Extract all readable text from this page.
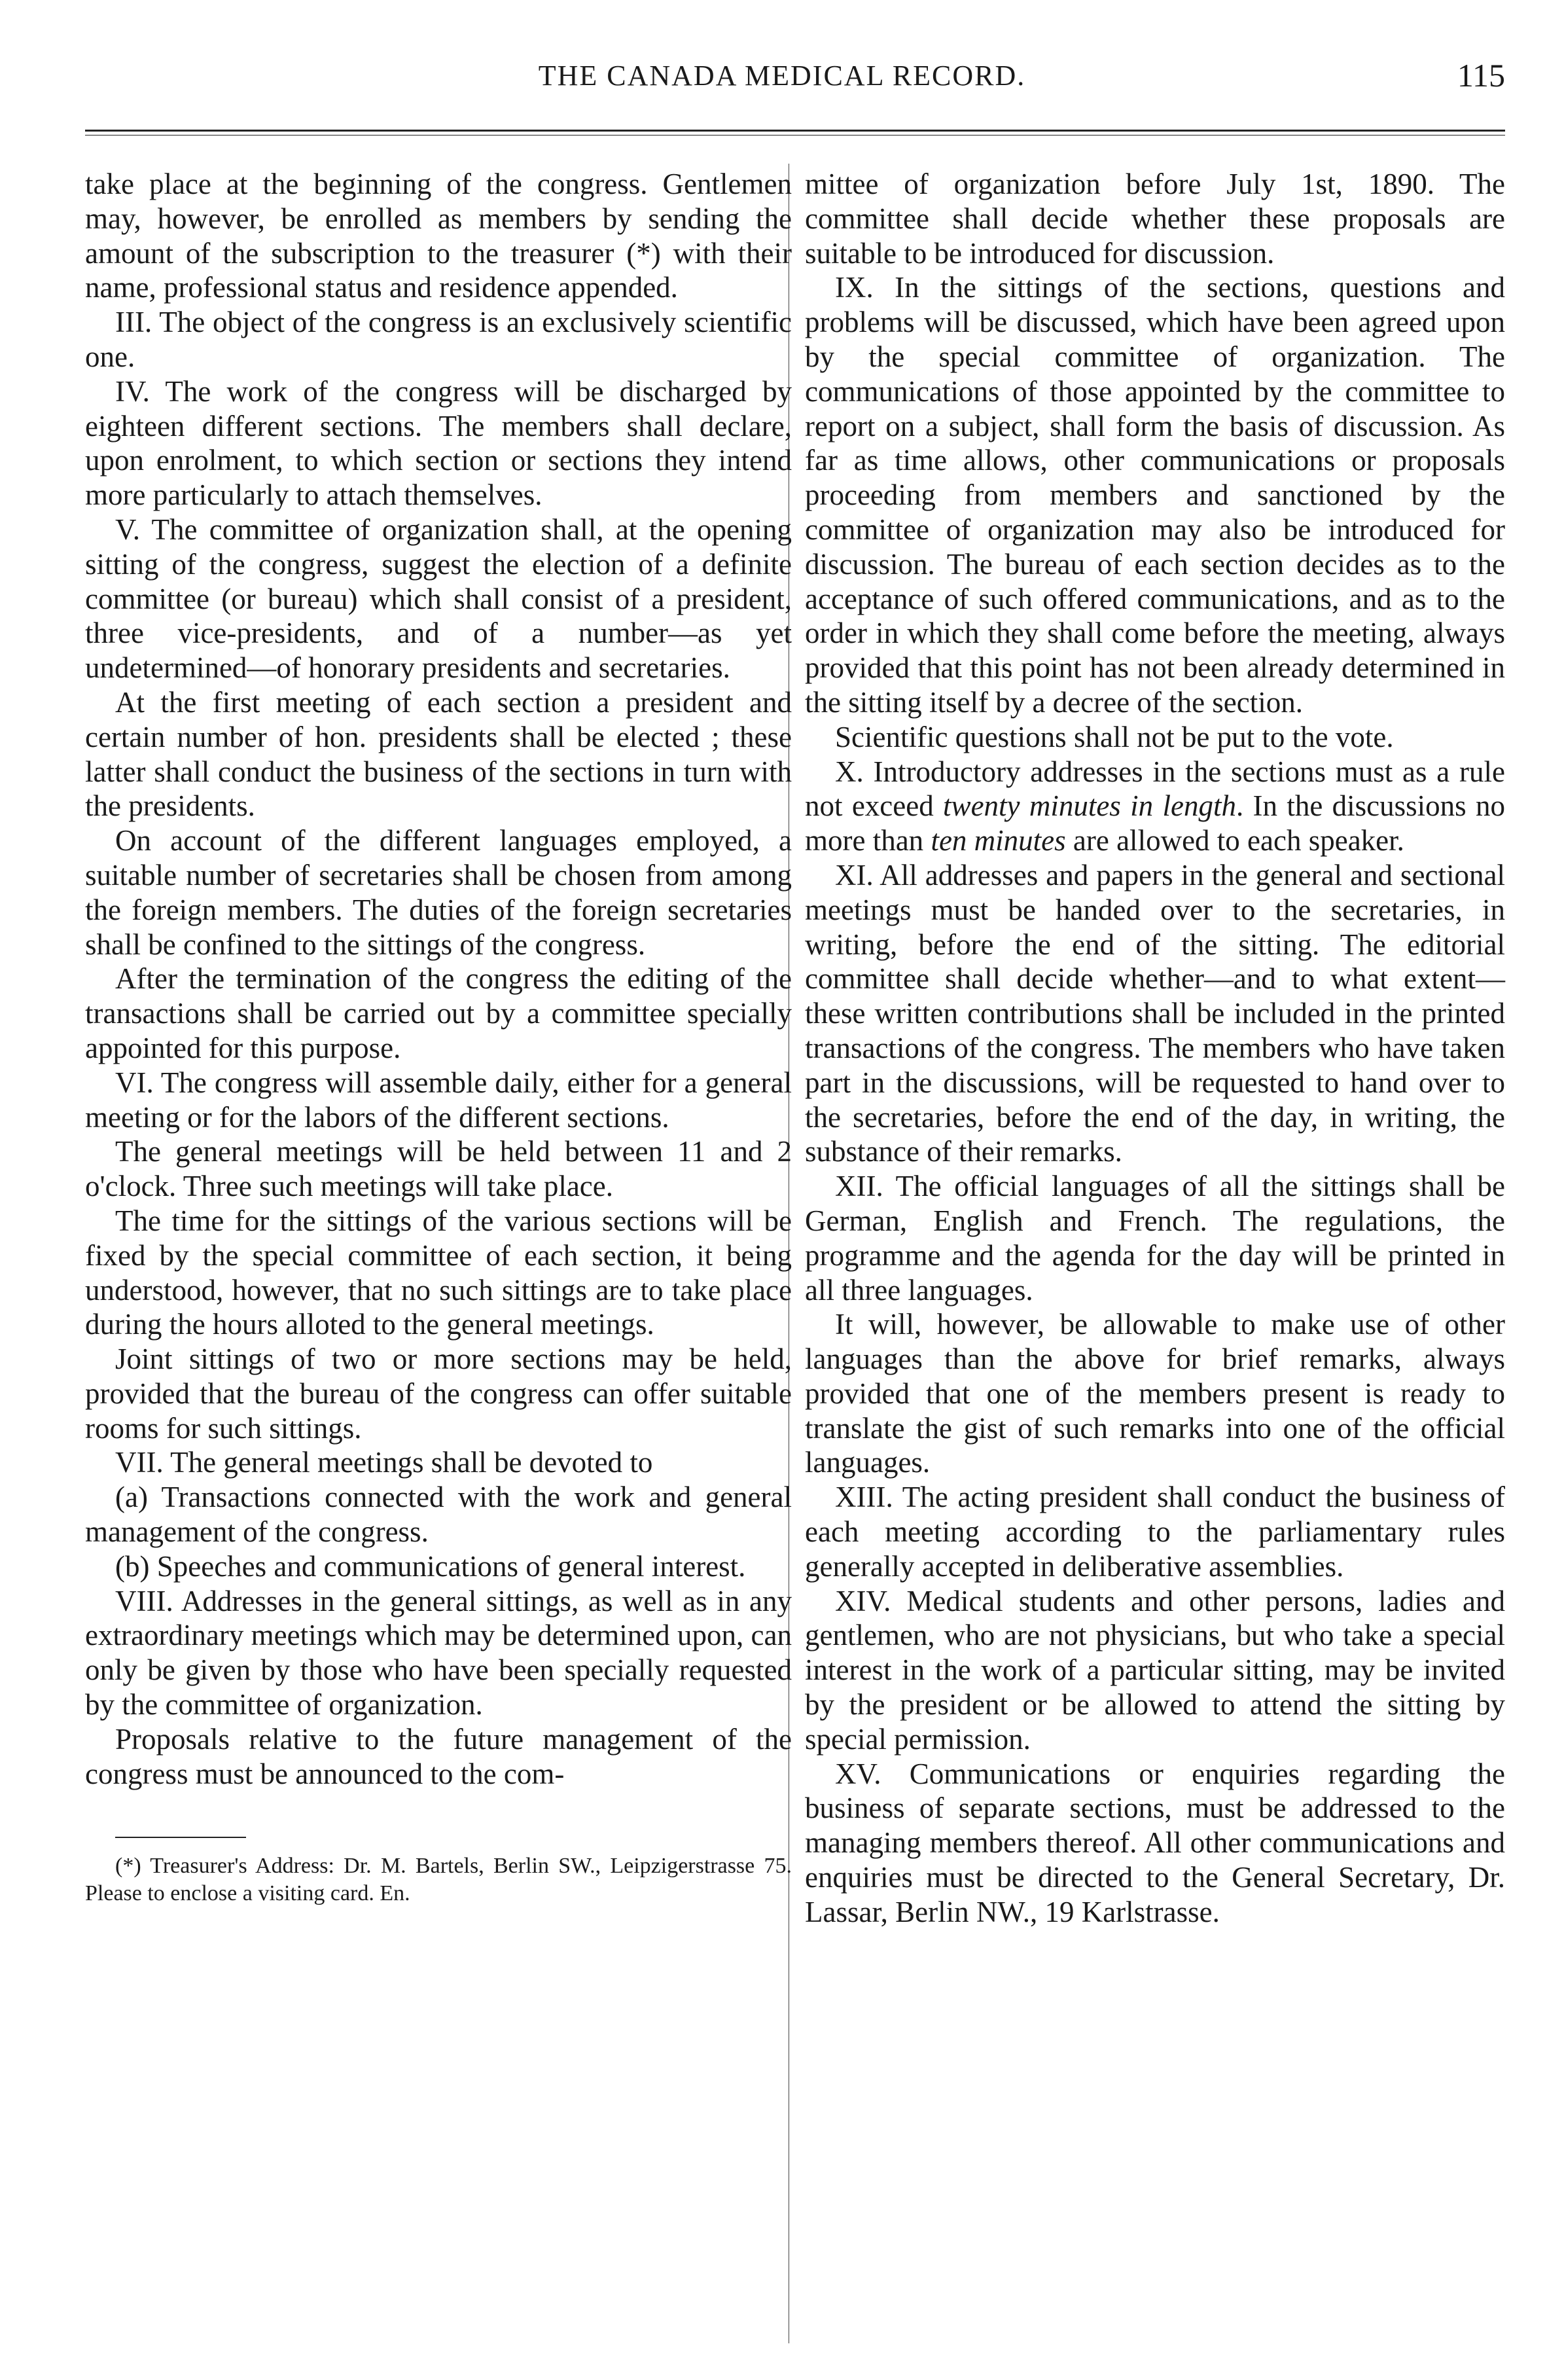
THE CANADA MEDICAL RECORD.	115

take place at the beginning of the congress. Gentlemen may, however, be enrolled as members by sending the amount of the subscription to the treasurer (*) with their name, professional status and residence appended.

III. The object of the congress is an exclusively scientific one.

IV. The work of the congress will be discharged by eighteen different sections. The members shall declare, upon enrolment, to which section or sections they intend more particularly to attach themselves.

V. The committee of organization shall, at the opening sitting of the congress, suggest the election of a definite committee (or bureau) which shall consist of a president, three vice-presidents, and of a number—as yet undetermined—of honorary presidents and secretaries.

At the first meeting of each section a president and certain number of hon. presidents shall be elected ; these latter shall conduct the business of the sections in turn with the presidents.

On account of the different languages employed, a suitable number of secretaries shall be chosen from among the foreign members. The duties of the foreign secretaries shall be confined to the sittings of the congress.

After the termination of the congress the editing of the transactions shall be carried out by a committee specially appointed for this purpose.

VI. The congress will assemble daily, either for a general meeting or for the labors of the different sections.

The general meetings will be held between 11 and 2 o'clock. Three such meetings will take place.

The time for the sittings of the various sections will be fixed by the special committee of each section, it being understood, however, that no such sittings are to take place during the hours alloted to the general meetings.

Joint sittings of two or more sections may be held, provided that the bureau of the congress can offer suitable rooms for such sittings.

VII. The general meetings shall be devoted to

(a) Transactions connected with the work and general management of the congress.

(b) Speeches and communications of general interest.

VIII. Addresses in the general sittings, as well as in any extraordinary meetings which may be determined upon, can only be given by those who have been specially requested by the committee of organization.

Proposals relative to the future management of the congress must be announced to the com-

(*) Treasurer's Address: Dr. M. Bartels, Berlin SW., Leipzigerstrasse 75. Please to enclose a visiting card. En.

mittee of organization before July 1st, 1890. The committee shall decide whether these proposals are suitable to be introduced for discussion.

IX. In the sittings of the sections, questions and problems will be discussed, which have been agreed upon by the special committee of organization. The communications of those appointed by the committee to report on a subject, shall form the basis of discussion. As far as time allows, other communications or proposals proceeding from members and sanctioned by the committee of organization may also be introduced for discussion. The bureau of each section decides as to the acceptance of such offered communications, and as to the order in which they shall come before the meeting, always provided that this point has not been already determined in the sitting itself by a decree of the section.

Scientific questions shall not be put to the vote.

X. Introductory addresses in the sections must as a rule not exceed twenty minutes in length. In the discussions no more than ten minutes are allowed to each speaker.

XI. All addresses and papers in the general and sectional meetings must be handed over to the secretaries, in writing, before the end of the sitting. The editorial committee shall decide whether—and to what extent—these written contributions shall be included in the printed transactions of the congress. The members who have taken part in the discussions, will be requested to hand over to the secretaries, before the end of the day, in writing, the substance of their remarks.

XII. The official languages of all the sittings shall be German, English and French. The regulations, the programme and the agenda for the day will be printed in all three languages.

It will, however, be allowable to make use of other languages than the above for brief remarks, always provided that one of the members present is ready to translate the gist of such remarks into one of the official languages.

XIII. The acting president shall conduct the business of each meeting according to the parliamentary rules generally accepted in deliberative assemblies.

XIV. Medical students and other persons, ladies and gentlemen, who are not physicians, but who take a special interest in the work of a particular sitting, may be invited by the president or be allowed to attend the sitting by special permission.

XV. Communications or enquiries regarding the business of separate sections, must be addressed to the managing members thereof. All other communications and enquiries must be directed to the General Secretary, Dr. Lassar, Berlin NW., 19 Karlstrasse.
